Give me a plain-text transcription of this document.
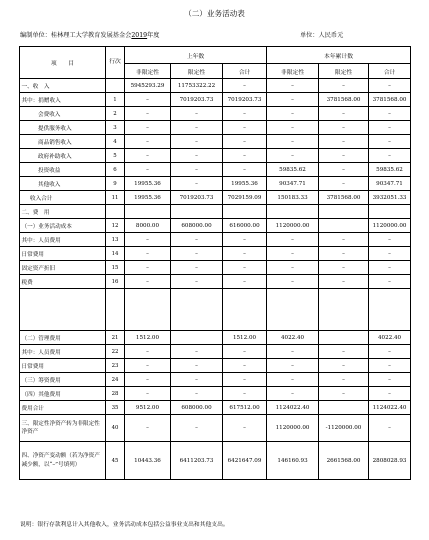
（二）业务活动表
编制单位：桂林理工大学教育发展基金会2019年度	单位：人民币元
项　　目	行次	上年数			本年累计数		
		非限定性	限定性	合计	非限定性	限定性	合计
一、收　入		5945293.29	11753322.22	–	–	–	–
其中：捐赠收入	1	–	7019203.73	7019203.73	–	3781568.00	3781568.00
会费收入	2	–	–	–	–	–	–
提供服务收入	3	–	–	–	–	–	–
商品销售收入	4	–	–	–	–	–	–
政府补助收入	5	–	–	–	–	–	–
投资收益	6	–	–	–	59835.62	–	59835.62
其他收入	9	19955.36	–	19955.36	90347.71	–	90347.71
收入合计	11	19955.36	7019203.73	7029159.09	150183.33	3781568.00	3932051.33
二、费　用							
（一）业务活动成本	12	8000.00	608000.00	616000.00	1120000.00		1120000.00
其中：人员费用	13	–	–	–	–	–	–
日常费用	14	–	–	–	–	–	–
固定资产折旧	15	–	–	–	–	–	–
税费	16	–	–	–	–	–	–

（二）管理费用	21	1512.00		1512.00	4022.40		4022.40
其中：人员费用	22	–	–	–	–	–	–
日常费用	23	–	–	–	–	–	–
（三）筹资费用	24	–	–	–	–	–	–
（四）其他费用	28	–	–	–	–	–	–
费用合计	35	9512.00	608000.00	617512.00	1124022.40		1124022.40
三、限定性净资产转为非限定性净资产	40	–	–	–	1120000.00	-1120000.00	–
四、净资产变动额（若为净资产减少额，以“–”号填列）	45	10443.36	6411203.73	6421647.09	146160.93	2661568.00	2808028.93
说明：银行存款利息计入其他收入，业务活动成本包括公益事业支出和其他支出。
